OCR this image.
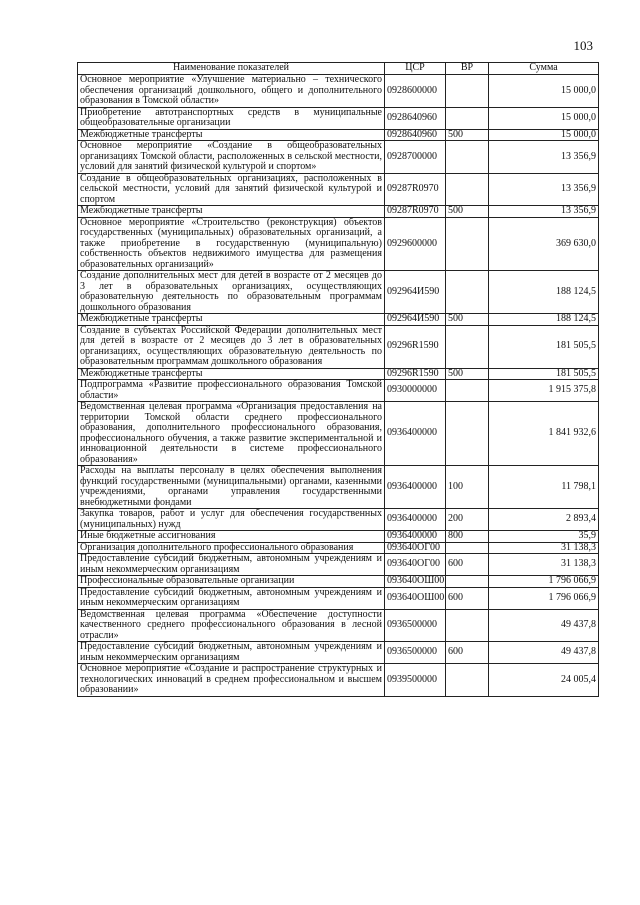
103
Наименование показателей	ЦСР	ВР	Сумма
Основное мероприятие «Улучшение материально – технического обеспечения организаций дошкольного, общего и дополнительного образования в Томской области»	0928600000		15 000,0
Приобретение автотранспортных средств в муниципальные общеобразовательные организации	0928640960		15 000,0
Межбюджетные трансферты	0928640960	500	15 000,0
Основное мероприятие «Создание в общеобразовательных организациях Томской области, расположенных в сельской местности, условий для занятий физической культурой и спортом»	0928700000		13 356,9
Создание в общеобразовательных организациях, расположенных в сельской местности, условий для занятий физической культурой и спортом	09287R0970		13 356,9
Межбюджетные трансферты	09287R0970	500	13 356,9
Основное мероприятие «Строительство (реконструкция) объектов государственных (муниципальных) образовательных организаций, а также приобретение в государственную (муниципальную) собственность объектов недвижимого имущества для размещения образовательных организаций»	0929600000		369 630,0
Создание дополнительных мест для детей в возрасте от 2 месяцев до 3 лет в образовательных организациях, осуществляющих образовательную деятельность по образовательным программам дошкольного образования	092964И590		188 124,5
Межбюджетные трансферты	092964И590	500	188 124,5
Создание в субъектах Российской Федерации дополнительных мест для детей в возрасте от 2 месяцев до 3 лет в образовательных организациях, осуществляющих образовательную деятельность по образовательным программам дошкольного образования	09296R1590		181 505,5
Межбюджетные трансферты	09296R1590	500	181 505,5
Подпрограмма «Развитие профессионального образования Томской области»	0930000000		1 915 375,8
Ведомственная целевая программа «Организация предоставления на территории Томской области среднего профессионального образования, дополнительного профессионального образования, профессионального обучения, а также развитие экспериментальной и инновационной деятельности в системе профессионального образования»	0936400000		1 841 932,6
Расходы на выплаты персоналу в целях обеспечения выполнения функций государственными (муниципальными) органами, казенными учреждениями, органами управления государственными внебюджетными фондами	0936400000	100	11 798,1
Закупка товаров, работ и услуг для обеспечения государственных (муниципальных) нужд	0936400000	200	2 893,4
Иные бюджетные ассигнования	0936400000	800	35,9
Организация дополнительного профессионального образования	093640ОГ00		31 138,3
Предоставление субсидий бюджетным, автономным учреждениям и иным некоммерческим организациям	093640ОГ00	600	31 138,3
Профессиональные образовательные организации	093640ОШ00		1 796 066,9
Предоставление субсидий бюджетным, автономным учреждениям и иным некоммерческим организациям	093640ОШ00	600	1 796 066,9
Ведомственная целевая программа «Обеспечение доступности качественного среднего профессионального образования в лесной отрасли»	0936500000		49 437,8
Предоставление субсидий бюджетным, автономным учреждениям и иным некоммерческим организациям	0936500000	600	49 437,8
Основное мероприятие «Создание и распространение структурных и технологических инноваций в среднем профессиональном и высшем образовании»	0939500000		24 005,4
